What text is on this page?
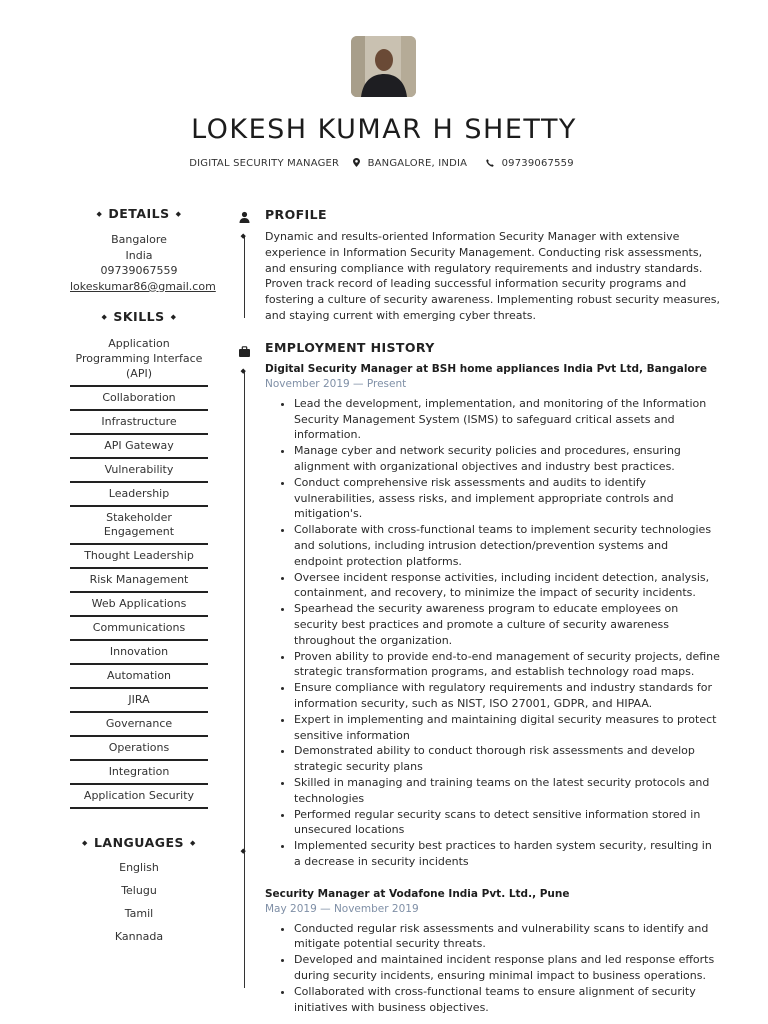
LOKESH KUMAR H SHETTY
DIGITAL SECURITY MANAGER	BANGALORE, INDIA	09739067559
◆ DETAILS ◆

Bangalore

India

09739067559

lokeskumar86@gmail.com

◆ SKILLS ◆
Application Programming Interface (API)
Collaboration
Infrastructure
API Gateway
Vulnerability
Leadership
Stakeholder Engagement
Thought Leadership
Risk Management
Web Applications
Communications
Innovation
Automation
JIRA
Governance
Operations
Integration
Application Security
◆ LANGUAGES ◆
English
Telugu
Tamil
Kannada
◆
◆
◆
PROFILE

Dynamic and results-oriented Information Security Manager with extensive experience in Information Security Management. Conducting risk assessments, and ensuring compliance with regulatory requirements and industry standards. Proven track record of leading successful information security programs and fostering a culture of security awareness. Implementing robust security measures, and staying current with emerging cyber threats.

EMPLOYMENT HISTORY

Digital Security Manager at BSH home appliances India Pvt Ltd, Bangalore

November 2019 — Present

• Lead the development, implementation, and monitoring of the Information Security Management System (ISMS) to safeguard critical assets and information.
• Manage cyber and network security policies and procedures, ensuring alignment with organizational objectives and industry best practices.
• Conduct comprehensive risk assessments and audits to identify vulnerabilities, assess risks, and implement appropriate controls and mitigation's.
• Collaborate with cross-functional teams to implement security technologies and solutions, including intrusion detection/prevention systems and endpoint protection platforms.
• Oversee incident response activities, including incident detection, analysis, containment, and recovery, to minimize the impact of security incidents.
• Spearhead the security awareness program to educate employees on security best practices and promote a culture of security awareness throughout the organization.
• Proven ability to provide end-to-end management of security projects, define strategic transformation programs, and establish technology road maps.
• Ensure compliance with regulatory requirements and industry standards for information security, such as NIST, ISO 27001, GDPR, and HIPAA.
• Expert in implementing and maintaining digital security measures to protect sensitive information
• Demonstrated ability to conduct thorough risk assessments and develop strategic security plans
• Skilled in managing and training teams on the latest security protocols and technologies
• Performed regular security scans to detect sensitive information stored in unsecured locations
• Implemented security best practices to harden system security, resulting in a decrease in security incidents

Security Manager at Vodafone India Pvt. Ltd., Pune

May 2019 — November 2019

• Conducted regular risk assessments and vulnerability scans to identify and mitigate potential security threats.
• Developed and maintained incident response plans and led response efforts during security incidents, ensuring minimal impact to business operations.
• Collaborated with cross-functional teams to ensure alignment of security initiatives with business objectives.
